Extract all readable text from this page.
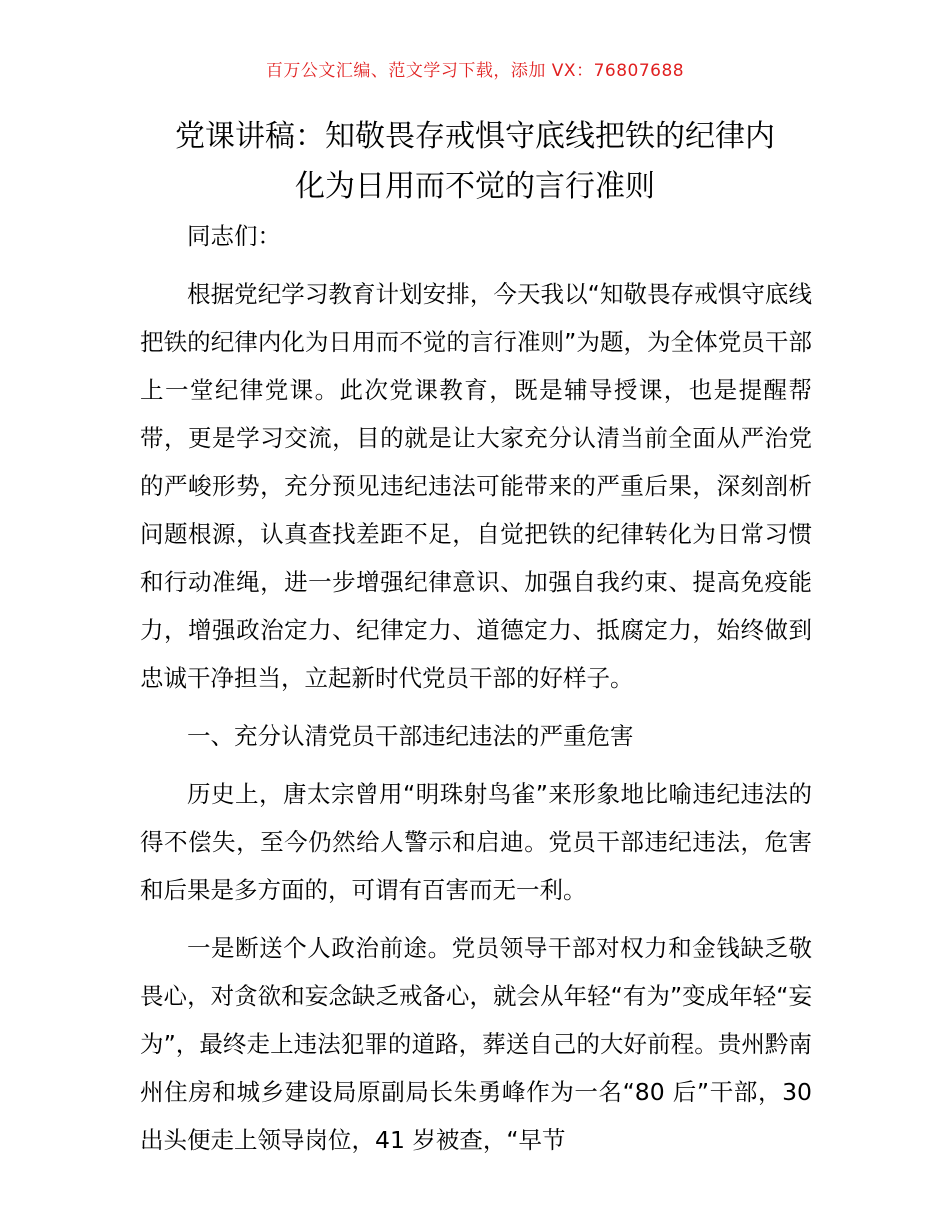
百万公文汇编、范文学习下载，添加 VX：76807688
党课讲稿：知敬畏存戒惧守底线把铁的纪律内
化为日用而不觉的言行准则

同志们：

根据党纪学习教育计划安排，今天我以“知敬畏存戒惧守底线把铁的纪律内化为日用而不觉的言行准则”为题，为全体党员干部上一堂纪律党课。此次党课教育，既是辅导授课，也是提醒帮带，更是学习交流，目的就是让大家充分认清当前全面从严治党的严峻形势，充分预见违纪违法可能带来的严重后果，深刻剖析问题根源，认真查找差距不足，自觉把铁的纪律转化为日常习惯和行动准绳，进一步增强纪律意识、加强自我约束、提高免疫能力，增强政治定力、纪律定力、道德定力、抵腐定力，始终做到忠诚干净担当，立起新时代党员干部的好样子。

一、充分认清党员干部违纪违法的严重危害

历史上，唐太宗曾用“明珠射鸟雀”来形象地比喻违纪违法的得不偿失，至今仍然给人警示和启迪。党员干部违纪违法，危害和后果是多方面的，可谓有百害而无一利。

一是断送个人政治前途。党员领导干部对权力和金钱缺乏敬畏心，对贪欲和妄念缺乏戒备心，就会从年轻“有为”变成年轻“妄为”，最终走上违法犯罪的道路，葬送自己的大好前程。贵州黔南州住房和城乡建设局原副局长朱勇峰作为一名“80 后”干部，30 出头便走上领导岗位，41 岁被查，“早节
